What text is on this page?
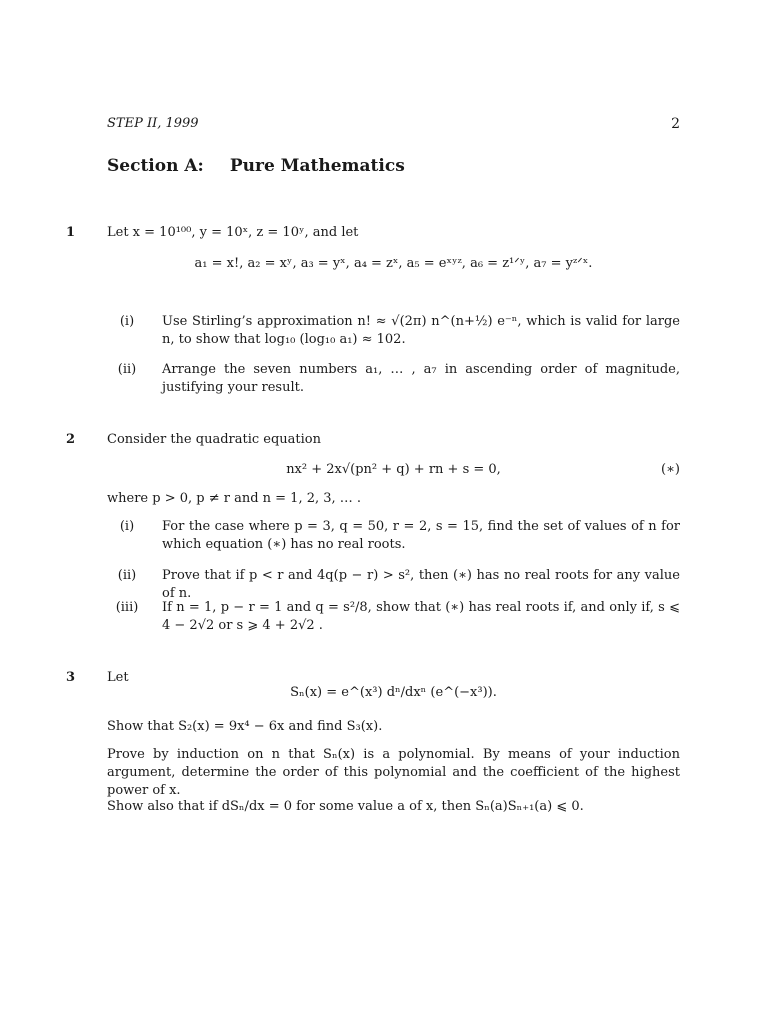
STEP II, 1999	2
Section A: Pure Mathematics
1 Let x = 10¹⁰⁰, y = 10ˣ, z = 10ʸ, and let
a₁ = x!, a₂ = xʸ, a₃ = yˣ, a₄ = zˣ, a₅ = eˣʸᶻ, a₆ = z¹ᐟʸ, a₇ = yᶻᐟˣ.
(i)	Use Stirling’s approximation n! ≈ √(2π) n^(n+½) e⁻ⁿ, which is valid for large n, to show that log₁₀ (log₁₀ a₁) ≈ 102.
(ii)	Arrange the seven numbers a₁, … , a₇ in ascending order of magnitude, justifying your result.
2 Consider the quadratic equation
nx² + 2x√(pn² + q) + rn + s = 0,	(∗)
where p > 0, p ≠ r and n = 1, 2, 3, … .
(i)	For the case where p = 3, q = 50, r = 2, s = 15, find the set of values of n for which equation (∗) has no real roots.
(ii)	Prove that if p < r and 4q(p − r) > s², then (∗) has no real roots for any value of n.
(iii)	If n = 1, p − r = 1 and q = s²/8, show that (∗) has real roots if, and only if, s ⩽ 4 − 2√2 or s ⩾ 4 + 2√2 .
3 Let
Sₙ(x) = e^(x³) dⁿ/dxⁿ (e^(−x³)).
Show that S₂(x) = 9x⁴ − 6x and find S₃(x).
Prove by induction on n that Sₙ(x) is a polynomial. By means of your induction argument, determine the order of this polynomial and the coefficient of the highest power of x.
Show also that if dSₙ/dx = 0 for some value a of x, then Sₙ(a)Sₙ₊₁(a) ⩽ 0.
